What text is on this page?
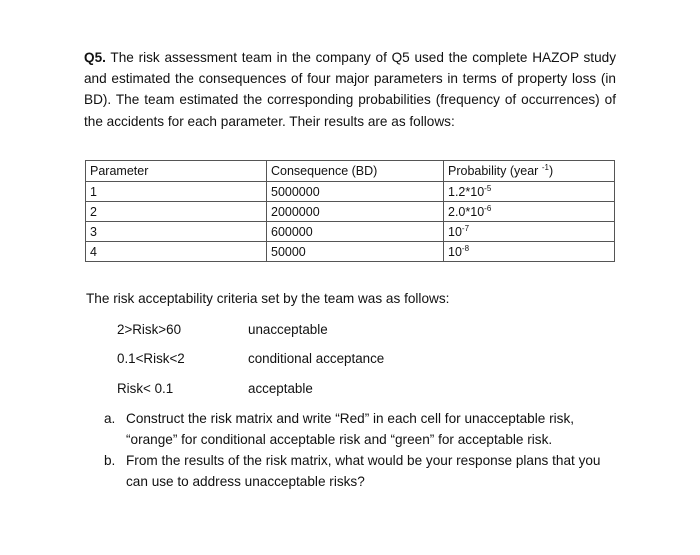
Q5. The risk assessment team in the company of Q5 used the complete HAZOP study and estimated the consequences of four major parameters in terms of property loss (in BD). The team estimated the corresponding probabilities (frequency of occurrences) of the accidents for each parameter. Their results are as follows:

Parameter	Consequence (BD)	Probability (year $^{-1}$)
1	5000000	$1.2*10^{-5}$
2	2000000	$2.0*10^{-6}$
3	600000	$10^{-7}$
4	50000	$10^{-8}$
The risk acceptability criteria set by the team was as follows:
2>Risk>60	unacceptable
0.1<Risk<2	conditional acceptance
Risk< 0.1	acceptable
a. Construct the risk matrix and write “Red” in each cell for unacceptable risk, “orange” for conditional acceptable risk and “green” for acceptable risk.
b. From the results of the risk matrix, what would be your response plans that you can use to address unacceptable risks?
